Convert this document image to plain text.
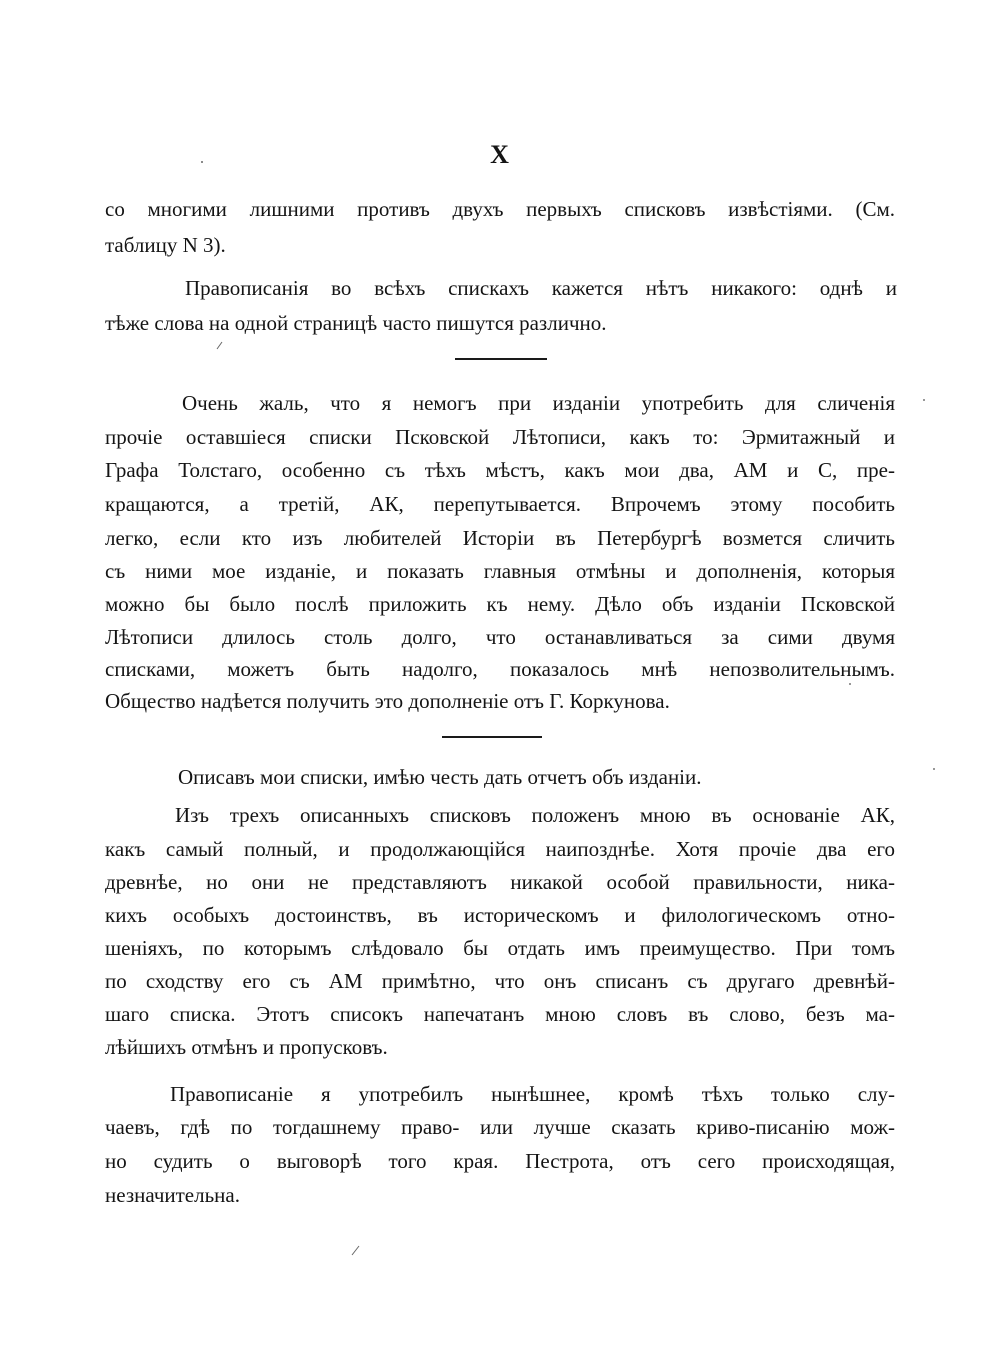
X
со многими лишними противъ двухъ первыхъ списковъ извѣстіями. (См.
таблицу N 3).
Правописанія во всѣхъ спискахъ кажется нѣтъ никакого: однѣ и
тѣже слова на одной страницѣ часто пишутся различно.
Очень жаль, что я немогъ при изданіи употребить для сличенія
прочіе оставшіеся списки Псковской Лѣтописи, какъ то: Эрмитажный и
Графа Толстаго, особенно съ тѣхъ мѣстъ, какъ мои два, АМ и С, пре-
кращаются, а третій, АК, перепутывается. Впрочемъ этому пособить
легко, если кто изъ любителей Исторіи въ Петербургѣ возмется сличить
съ ними мое изданіе, и показать главныя отмѣны и дополненія, которыя
можно бы было послѣ приложить къ нему. Дѣло объ изданіи Псковской
Лѣтописи длилось столь долго, что останавливаться за сими двумя
списками, можетъ быть надолго, показалось мнѣ непозволительнымъ.
Общество надѣется получить это дополненіе отъ Г. Коркунова.
Описавъ мои списки, имѣю честь дать отчетъ объ изданіи.
Изъ трехъ описанныхъ списковъ положенъ мною въ основаніе АК,
какъ самый полный, и продолжающійся наипозднѣе. Хотя прочіе два его
древнѣе, но они не представляютъ никакой особой правильности, ника-
кихъ особыхъ достоинствъ, въ историческомъ и филологическомъ отно-
шеніяхъ, по которымъ слѣдовало бы отдать имъ преимущество. При томъ
по сходству его съ АМ примѣтно, что онъ списанъ съ другаго древнѣй-
шаго списка. Этотъ списокъ напечатанъ мною словъ въ слово, безъ ма-
лѣйшихъ отмѣнъ и пропусковъ.
Правописаніе я употребилъ нынѣшнее, кромѣ тѣхъ только слу-
чаевъ, гдѣ по тогдашнему право- или лучше сказать криво-писанію мож-
но судить о выговорѣ того края. Пестрота, отъ сего происходящая,
незначительна.
